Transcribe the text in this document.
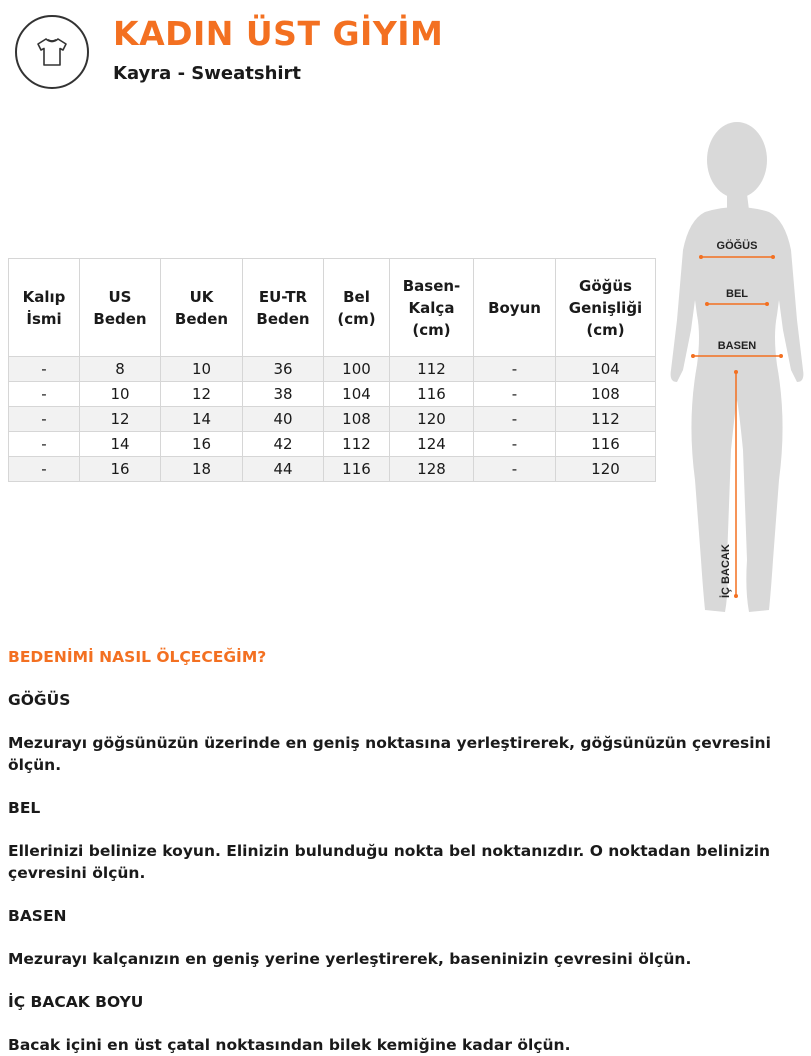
KADIN ÜST GİYİM
Kayra - Sweatshirt
Kalıp İsmi	US Beden	UK Beden	EU-TR Beden	Bel (cm)	Basen-Kalça (cm)	Boyun	Göğüs Genişliği (cm)
-	8	10	36	100	112	-	104
-	10	12	38	104	116	-	108
-	12	14	40	108	120	-	112
-	14	16	42	112	124	-	116
-	16	18	44	116	128	-	120
GÖĞÜS
BEL
BASEN
İÇ BACAK

BEDENİMİ NASIL ÖLÇECEĞİM?

GÖĞÜS

Mezurayı göğsünüzün üzerinde en geniş noktasına yerleştirerek, göğsünüzün çevresini ölçün.

BEL

Ellerinizi belinize koyun. Elinizin bulunduğu nokta bel noktanızdır. O noktadan belinizin çevresini ölçün.

BASEN

Mezurayı kalçanızın en geniş yerine yerleştirerek, baseninizin çevresini ölçün.

İÇ BACAK BOYU

Bacak içini en üst çatal noktasından bilek kemiğine kadar ölçün.
